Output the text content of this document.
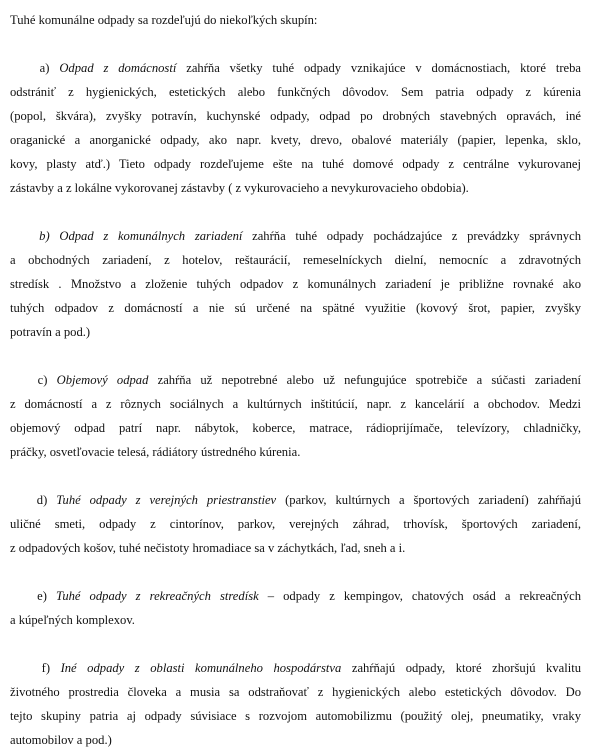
Tuhé komunálne odpady sa rozdeľujú do niekoľkých skupín:
a) Odpad z domácností zahŕňa všetky tuhé odpady vznikajúce v domácnostiach, ktoré treba
odstrániť z hygienických, estetických alebo funkčných dôvodov. Sem patria odpady z kúrenia
(popol, škvára), zvyšky potravín, kuchynské odpady, odpad po drobných stavebných opravách, iné
oraganické a anorganické odpady, ako napr. kvety, drevo, obalové materiály (papier, lepenka, sklo,
kovy, plasty atď.) Tieto odpady rozdeľujeme ešte na tuhé domové odpady z centrálne vykurovanej
zástavby a z lokálne vykorovanej zástavby ( z vykurovacieho a nevykurovacieho obdobia).
b) Odpad z komunálnych zariadení zahŕňa tuhé odpady pochádzajúce z prevádzky správnych
a obchodných zariadení, z hotelov, reštaurácií, remeselníckych dielní, nemocníc a zdravotných
stredísk . Množstvo a zloženie tuhých odpadov z komunálnych zariadení je približne rovnaké ako
tuhých odpadov z domácností a nie sú určené na spätné využitie (kovový šrot, papier, zvyšky
potravín a pod.)
c) Objemový odpad zahŕňa už nepotrebné alebo už nefungujúce spotrebiče a súčasti zariadení
z domácností a z rôznych sociálnych a kultúrnych inštitúcií, napr. z kancelárií a obchodov. Medzi
objemový odpad patrí napr. nábytok, koberce, matrace, rádioprijímače, televízory, chladničky,
práčky, osvetľovacie telesá, rádiátory ústredného kúrenia.
d) Tuhé odpady z verejných priestranstiev (parkov, kultúrnych a športových zariadení) zahŕňajú
uličné smeti, odpady z cintorínov, parkov, verejných záhrad, trhovísk, športových zariadení,
z odpadových košov, tuhé nečistoty hromadiace sa v záchytkách, ľad, sneh a i.
e) Tuhé odpady z rekreačných stredísk – odpady z kempingov, chatových osád a rekreačných
a kúpeľných komplexov.
f) Iné odpady z oblasti komunálneho hospodárstva zahŕňajú odpady, ktoré zhoršujú kvalitu
životného prostredia človeka a musia sa odstraňovať z hygienických alebo estetických dôvodov. Do
tejto skupiny patria aj odpady súvisiace s rozvojom automobilizmu (použitý olej, pneumatiky, vraky
automobilov a pod.)
